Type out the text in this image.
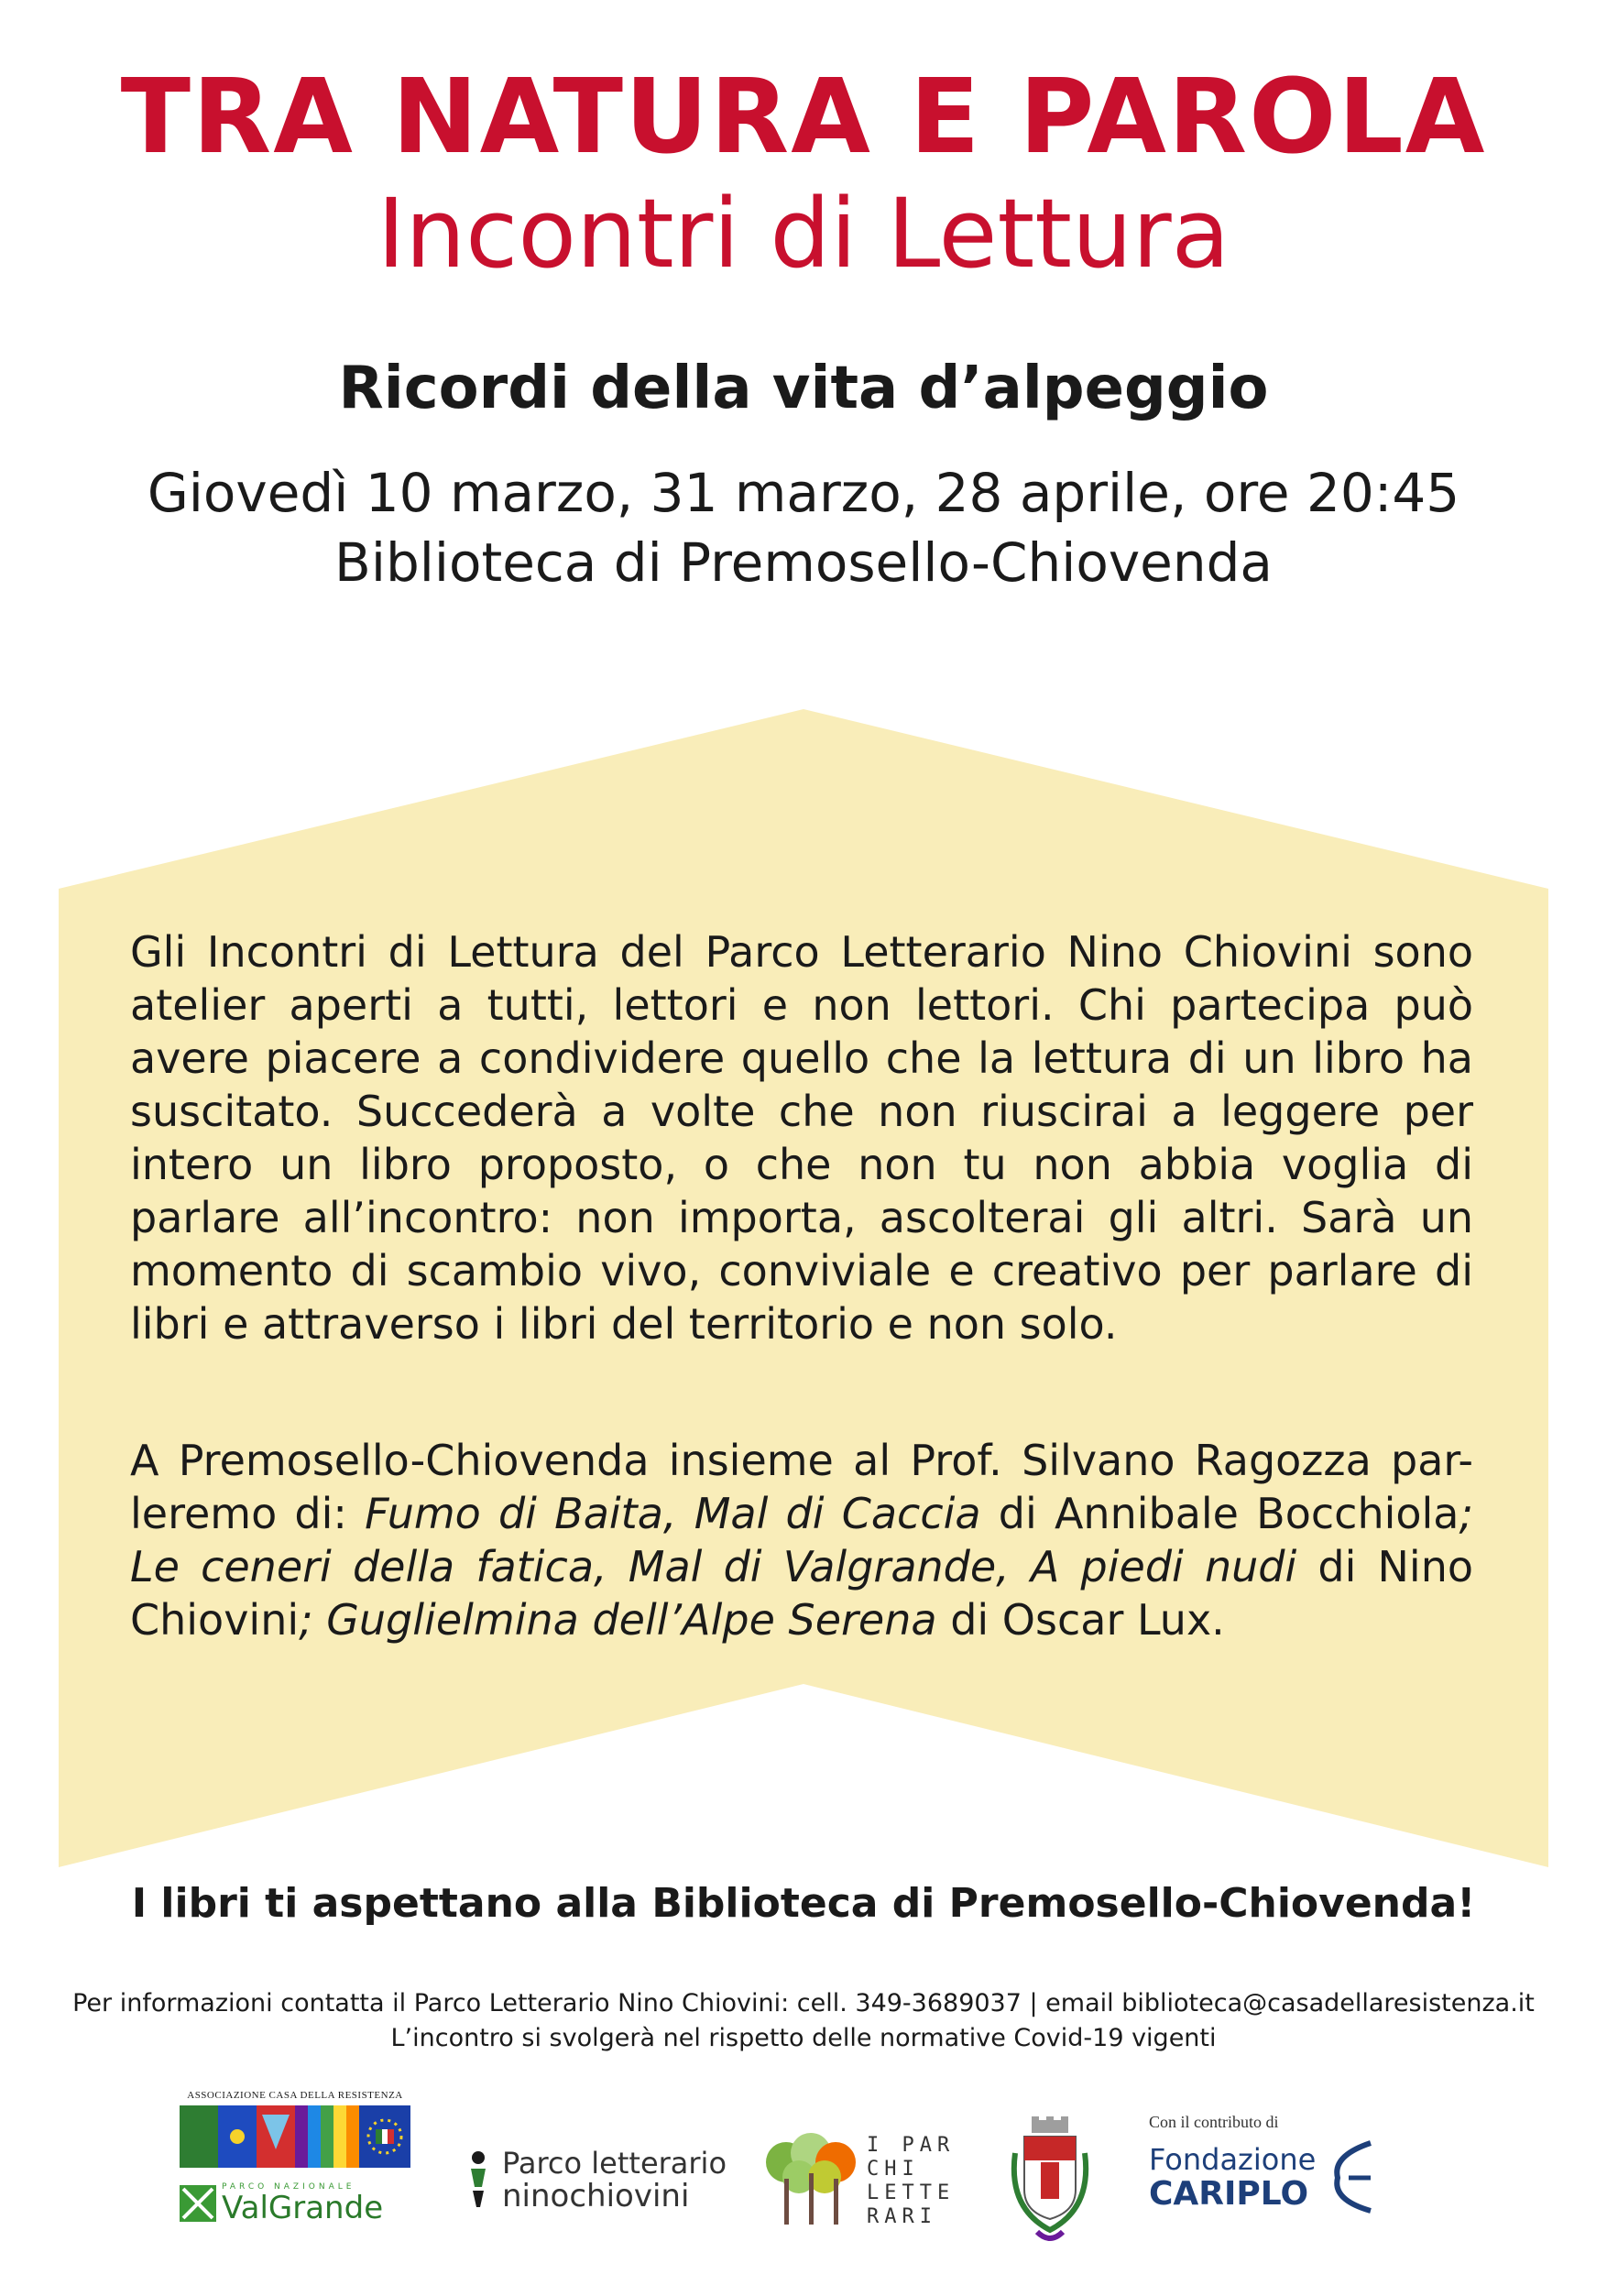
TRA NATURA E PAROLA
Incontri di Lettura
Ricordi della vita d’alpeggio
Giovedì 10 marzo, 31 marzo, 28 aprile, ore 20:45
Biblioteca di Premosello-Chiovenda
Gli Incontri di Lettura del Parco Letterario Nino Chiovini sono atelier aperti a tutti, lettori e non lettori. Chi partecipa può avere piacere a condividere quello che la lettura di un libro ha suscitato. Succederà a volte che non riuscirai a leggere per intero un libro proposto, o che non tu non abbia voglia di parlare all’incontro: non importa, ascolterai gli altri. Sarà un momento di scambio vivo, conviviale e creativo per parlare di libri e attraverso i libri del territorio e non solo.
A Premosello-Chiovenda insieme al Prof. Silvano Ragozza par-leremo di: Fumo di Baita, Mal di Caccia di Annibale Bocchiola; Le ceneri della fatica, Mal di Valgrande, A piedi nudi di Nino Chiovini; Guglielmina dell’Alpe Serena di Oscar Lux.
I libri ti aspettano alla Biblioteca di Premosello-Chiovenda!
Per informazioni contatta il Parco Letterario Nino Chiovini: cell. 349-3689037 | email biblioteca@casadellaresistenza.it
L’incontro si svolgerà nel rispetto delle normative Covid-19 vigenti
ASSOCIAZIONE CASA DELLA RESISTENZA
PARCO NAZIONALE
ValGrande
Parco letterario
ninochiovini
I PAR
CHI
LETTE
RARI
Con il contributo di
Fondazione
CARIPLO
